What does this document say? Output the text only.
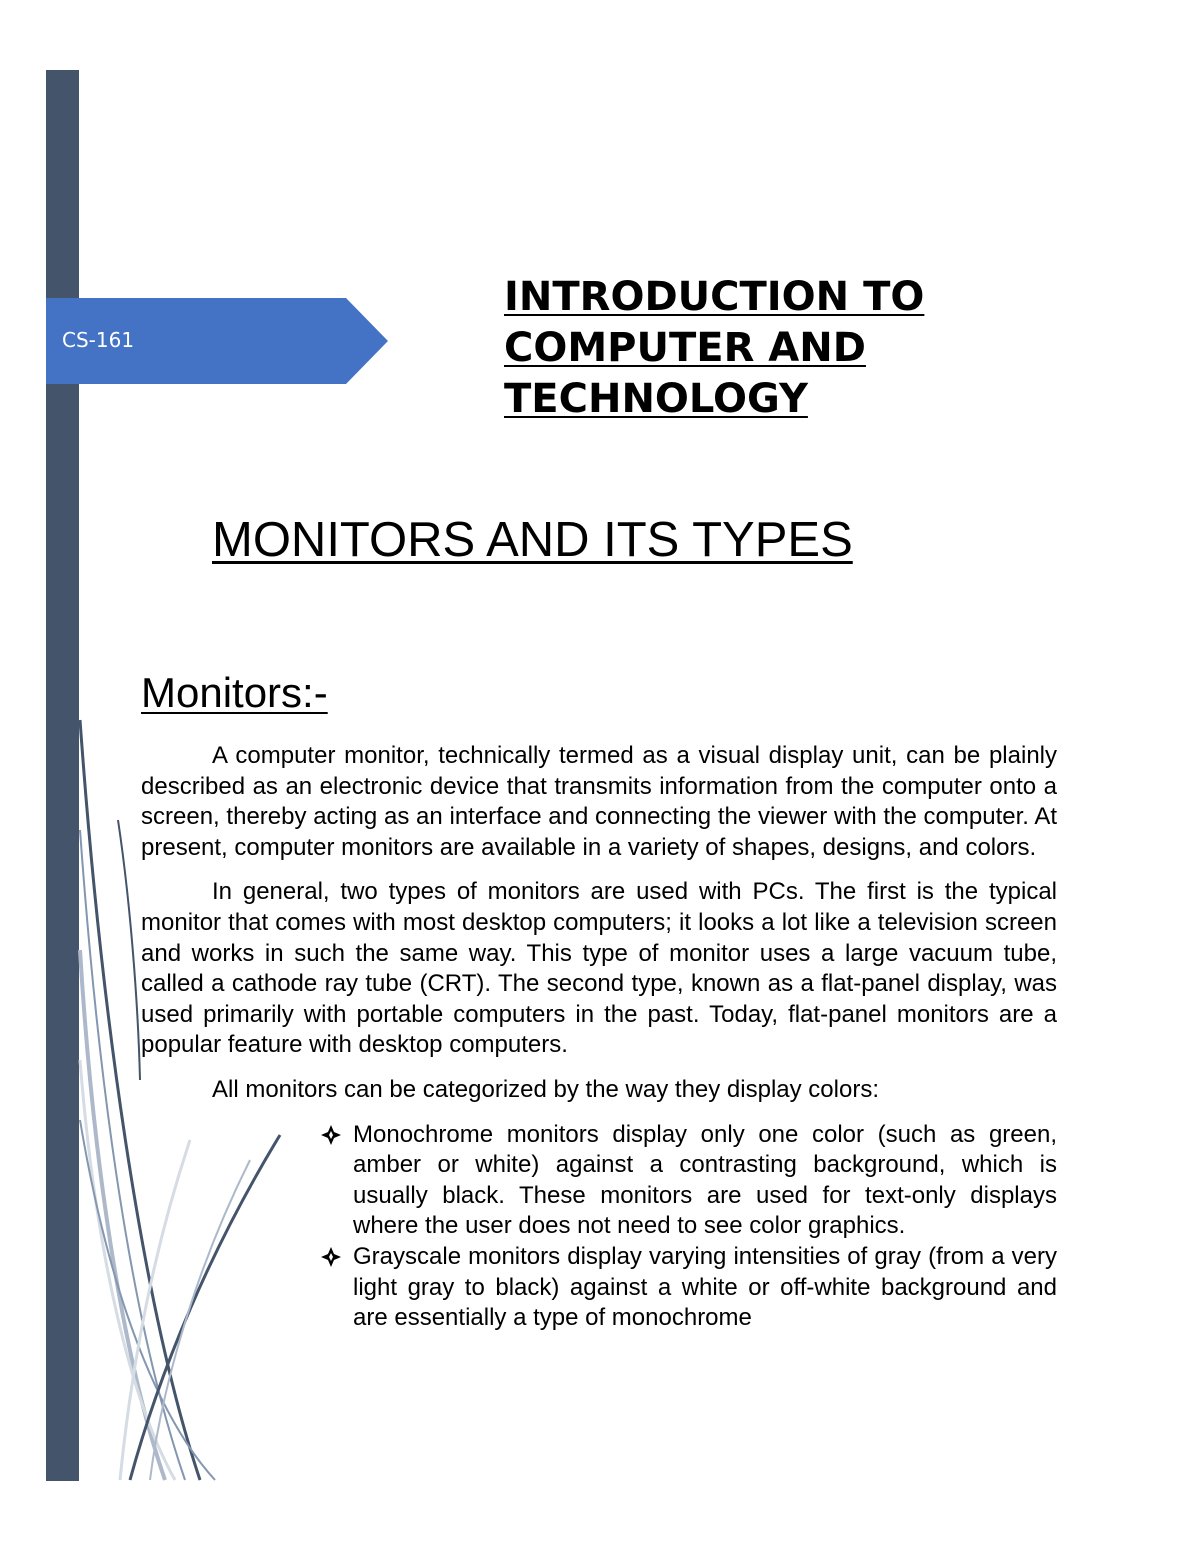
CS-161
INTRODUCTION TO
COMPUTER AND
TECHNOLOGY
MONITORS AND ITS TYPES
Monitors:-

A computer monitor, technically termed as a visual display unit, can be plainly described as an electronic device that transmits information from the computer onto a screen, thereby acting as an interface and connecting the viewer with the computer. At present, computer monitors are available in a variety of shapes, designs, and colors.

In general, two types of monitors are used with PCs. The first is the typical monitor that comes with most desktop computers; it looks a lot like a television screen and works in such the same way. This type of monitor uses a large vacuum tube, called a cathode ray tube (CRT). The second type, known as a flat-panel display, was used primarily with portable computers in the past. Today, flat-panel monitors are a popular feature with desktop computers.

All monitors can be categorized by the way they display colors:

Monochrome monitors display only one color (such as green, amber or white) against a contrasting background, which is usually black. These monitors are used for text-only displays where the user does not need to see color graphics.
Grayscale monitors display varying intensities of gray (from a very light gray to black) against a white or off-white background and are essentially a type of monochrome
